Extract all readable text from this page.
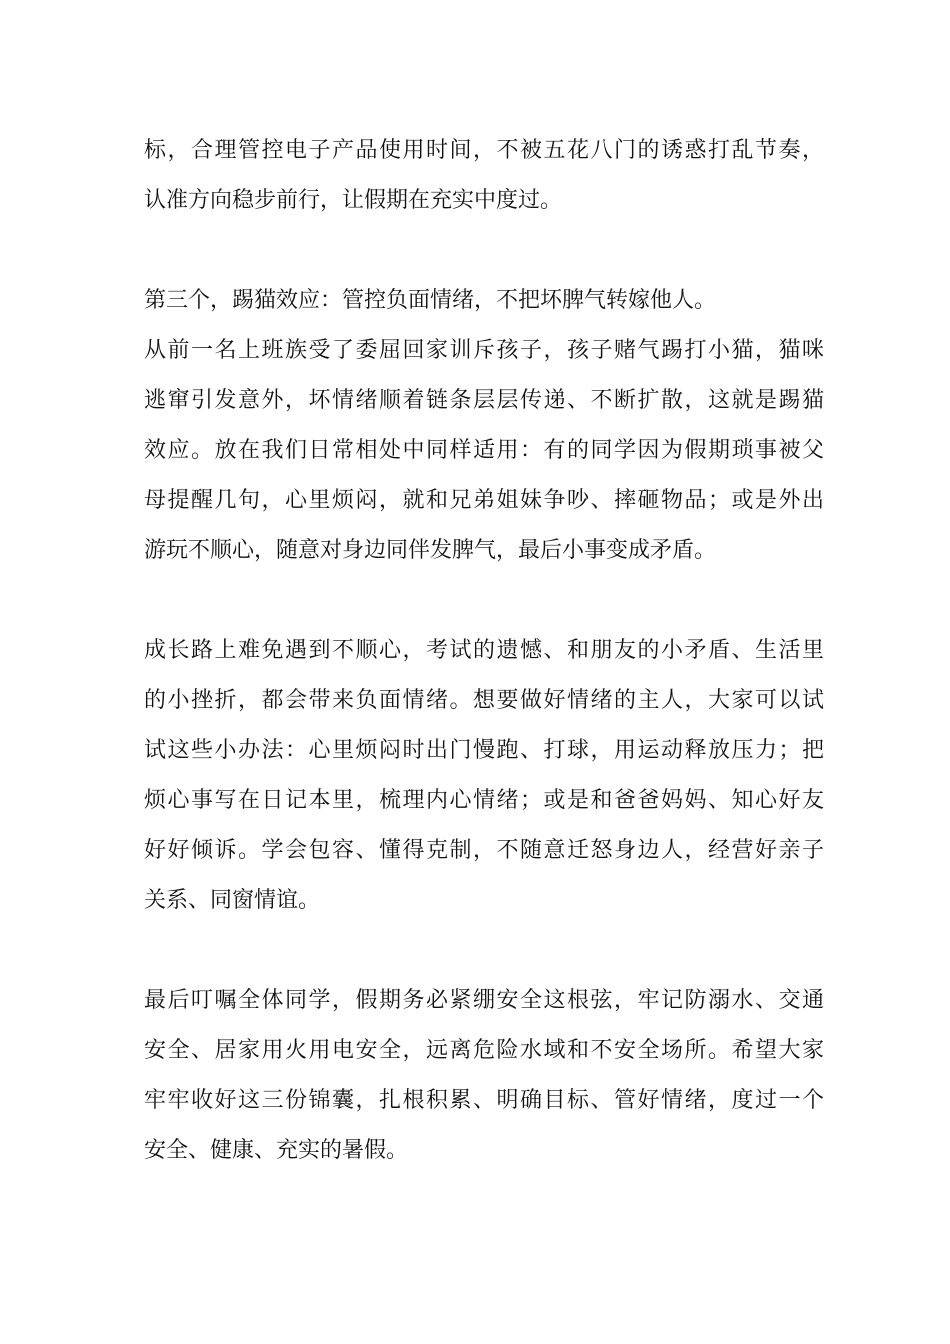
标，合理管控电子产品使用时间，不被五花八门的诱惑打乱节奏，
认准方向稳步前行，让假期在充实中度过。
第三个，踢猫效应：管控负面情绪，不把坏脾气转嫁他人。
从前一名上班族受了委屈回家训斥孩子，孩子赌气踢打小猫，猫咪
逃窜引发意外，坏情绪顺着链条层层传递、不断扩散，这就是踢猫
效应。放在我们日常相处中同样适用：有的同学因为假期琐事被父
母提醒几句，心里烦闷，就和兄弟姐妹争吵、摔砸物品；或是外出
游玩不顺心，随意对身边同伴发脾气，最后小事变成矛盾。
成长路上难免遇到不顺心，考试的遗憾、和朋友的小矛盾、生活里
的小挫折，都会带来负面情绪。想要做好情绪的主人，大家可以试
试这些小办法：心里烦闷时出门慢跑、打球，用运动释放压力；把
烦心事写在日记本里，梳理内心情绪；或是和爸爸妈妈、知心好友
好好倾诉。学会包容、懂得克制，不随意迁怒身边人，经营好亲子
关系、同窗情谊。
最后叮嘱全体同学，假期务必紧绷安全这根弦，牢记防溺水、交通
安全、居家用火用电安全，远离危险水域和不安全场所。希望大家
牢牢收好这三份锦囊，扎根积累、明确目标、管好情绪，度过一个
安全、健康、充实的暑假。
